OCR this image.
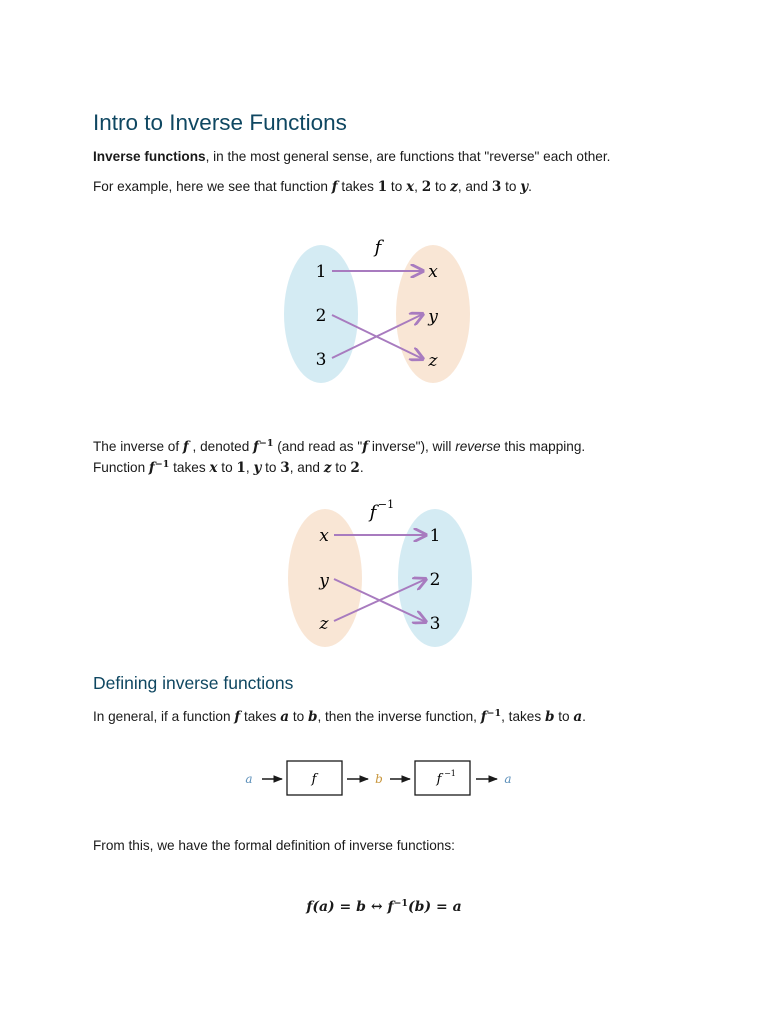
Intro to Inverse Functions

Inverse functions, in the most general sense, are functions that "reverse" each other.

For example, here we see that function f takes 1 to x, 2 to z, and 3 to y.

The inverse of f , denoted $f^{-1}$ (and read as "f inverse"), will reverse this mapping.

Function $f^{-1}$ takes x to 1, y to 3, and z to 2.

Defining inverse functions

In general, if a function f takes a to b, then the inverse function, $f^{-1}$, takes b to a.

From this, we have the formal definition of inverse functions:

f
1
2
3
x
y
z
f −1
x
y
z
1
2
3
a	f	b	f −1	a
f(a) = b ↔ $f^{-1}(b) = a$
